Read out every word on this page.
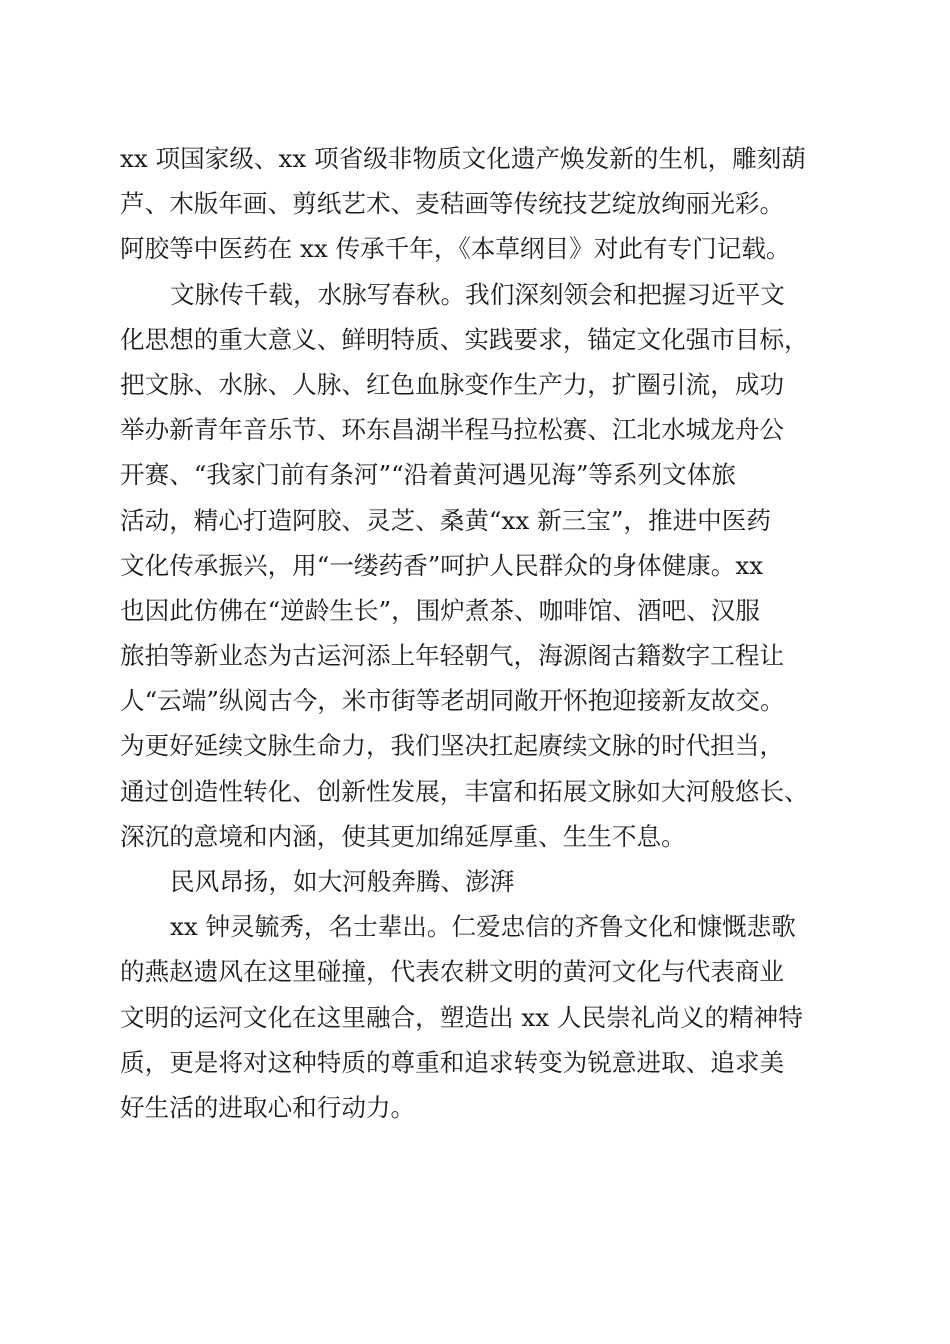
xx 项国家级、xx 项省级非物质文化遗产焕发新的生机，雕刻葫
芦、木版年画、剪纸艺术、麦秸画等传统技艺绽放绚丽光彩。
阿胶等中医药在 xx 传承千年，《本草纲目》对此有专门记载。
文脉传千载，水脉写春秋。我们深刻领会和把握习近平文
化思想的重大意义、鲜明特质、实践要求，锚定文化强市目标，
把文脉、水脉、人脉、红色血脉变作生产力，扩圈引流，成功
举办新青年音乐节、环东昌湖半程马拉松赛、江北水城龙舟公
开赛、“我家门前有条河”“沿着黄河遇见海”等系列文体旅
活动，精心打造阿胶、灵芝、桑黄“xx 新三宝”，推进中医药
文化传承振兴，用“一缕药香”呵护人民群众的身体健康。xx
也因此仿佛在“逆龄生长”，围炉煮茶、咖啡馆、酒吧、汉服
旅拍等新业态为古运河添上年轻朝气，海源阁古籍数字工程让
人“云端”纵阅古今，米市街等老胡同敞开怀抱迎接新友故交。
为更好延续文脉生命力，我们坚决扛起赓续文脉的时代担当，
通过创造性转化、创新性发展，丰富和拓展文脉如大河般悠长、
深沉的意境和内涵，使其更加绵延厚重、生生不息。
民风昂扬，如大河般奔腾、澎湃
xx 钟灵毓秀，名士辈出。仁爱忠信的齐鲁文化和慷慨悲歌
的燕赵遗风在这里碰撞，代表农耕文明的黄河文化与代表商业
文明的运河文化在这里融合，塑造出 xx 人民崇礼尚义的精神特
质，更是将对这种特质的尊重和追求转变为锐意进取、追求美
好生活的进取心和行动力。
